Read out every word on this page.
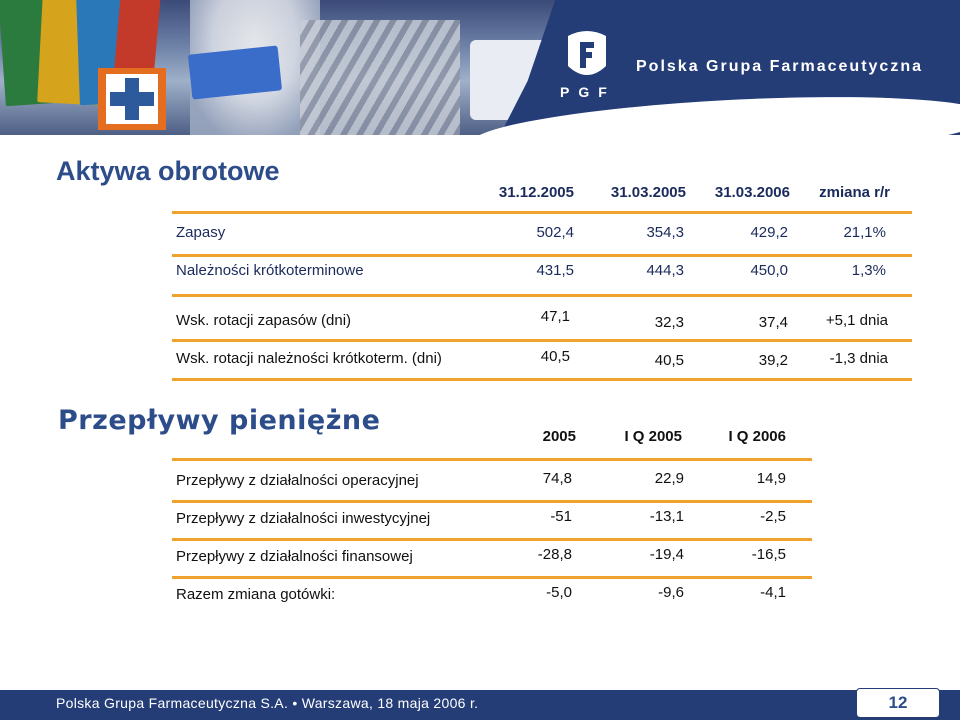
PGF
Polska Grupa Farmaceutyczna
Aktywa obrotowe
31.12.2005	31.03.2005	31.03.2006	zmiana r/r
Zapasy	502,4	354,3	429,2	21,1%
Należności krótkoterminowe	431,5	444,3	450,0	1,3%
Wsk. rotacji zapasów (dni)	47,1	32,3	37,4	+5,1 dnia
Wsk. rotacji należności krótkoterm. (dni)	40,5	40,5	39,2	-1,3 dnia
Przepływy pieniężne
2005	I Q 2005	I Q 2006
Przepływy z działalności operacyjnej	74,8	22,9	14,9
Przepływy z działalności inwestycyjnej	-51	-13,1	-2,5
Przepływy z działalności finansowej	-28,8	-19,4	-16,5
Razem zmiana gotówki:	-5,0	-9,6	-4,1
Polska Grupa Farmaceutyczna S.A. • Warszawa, 18 maja 2006 r.	12
